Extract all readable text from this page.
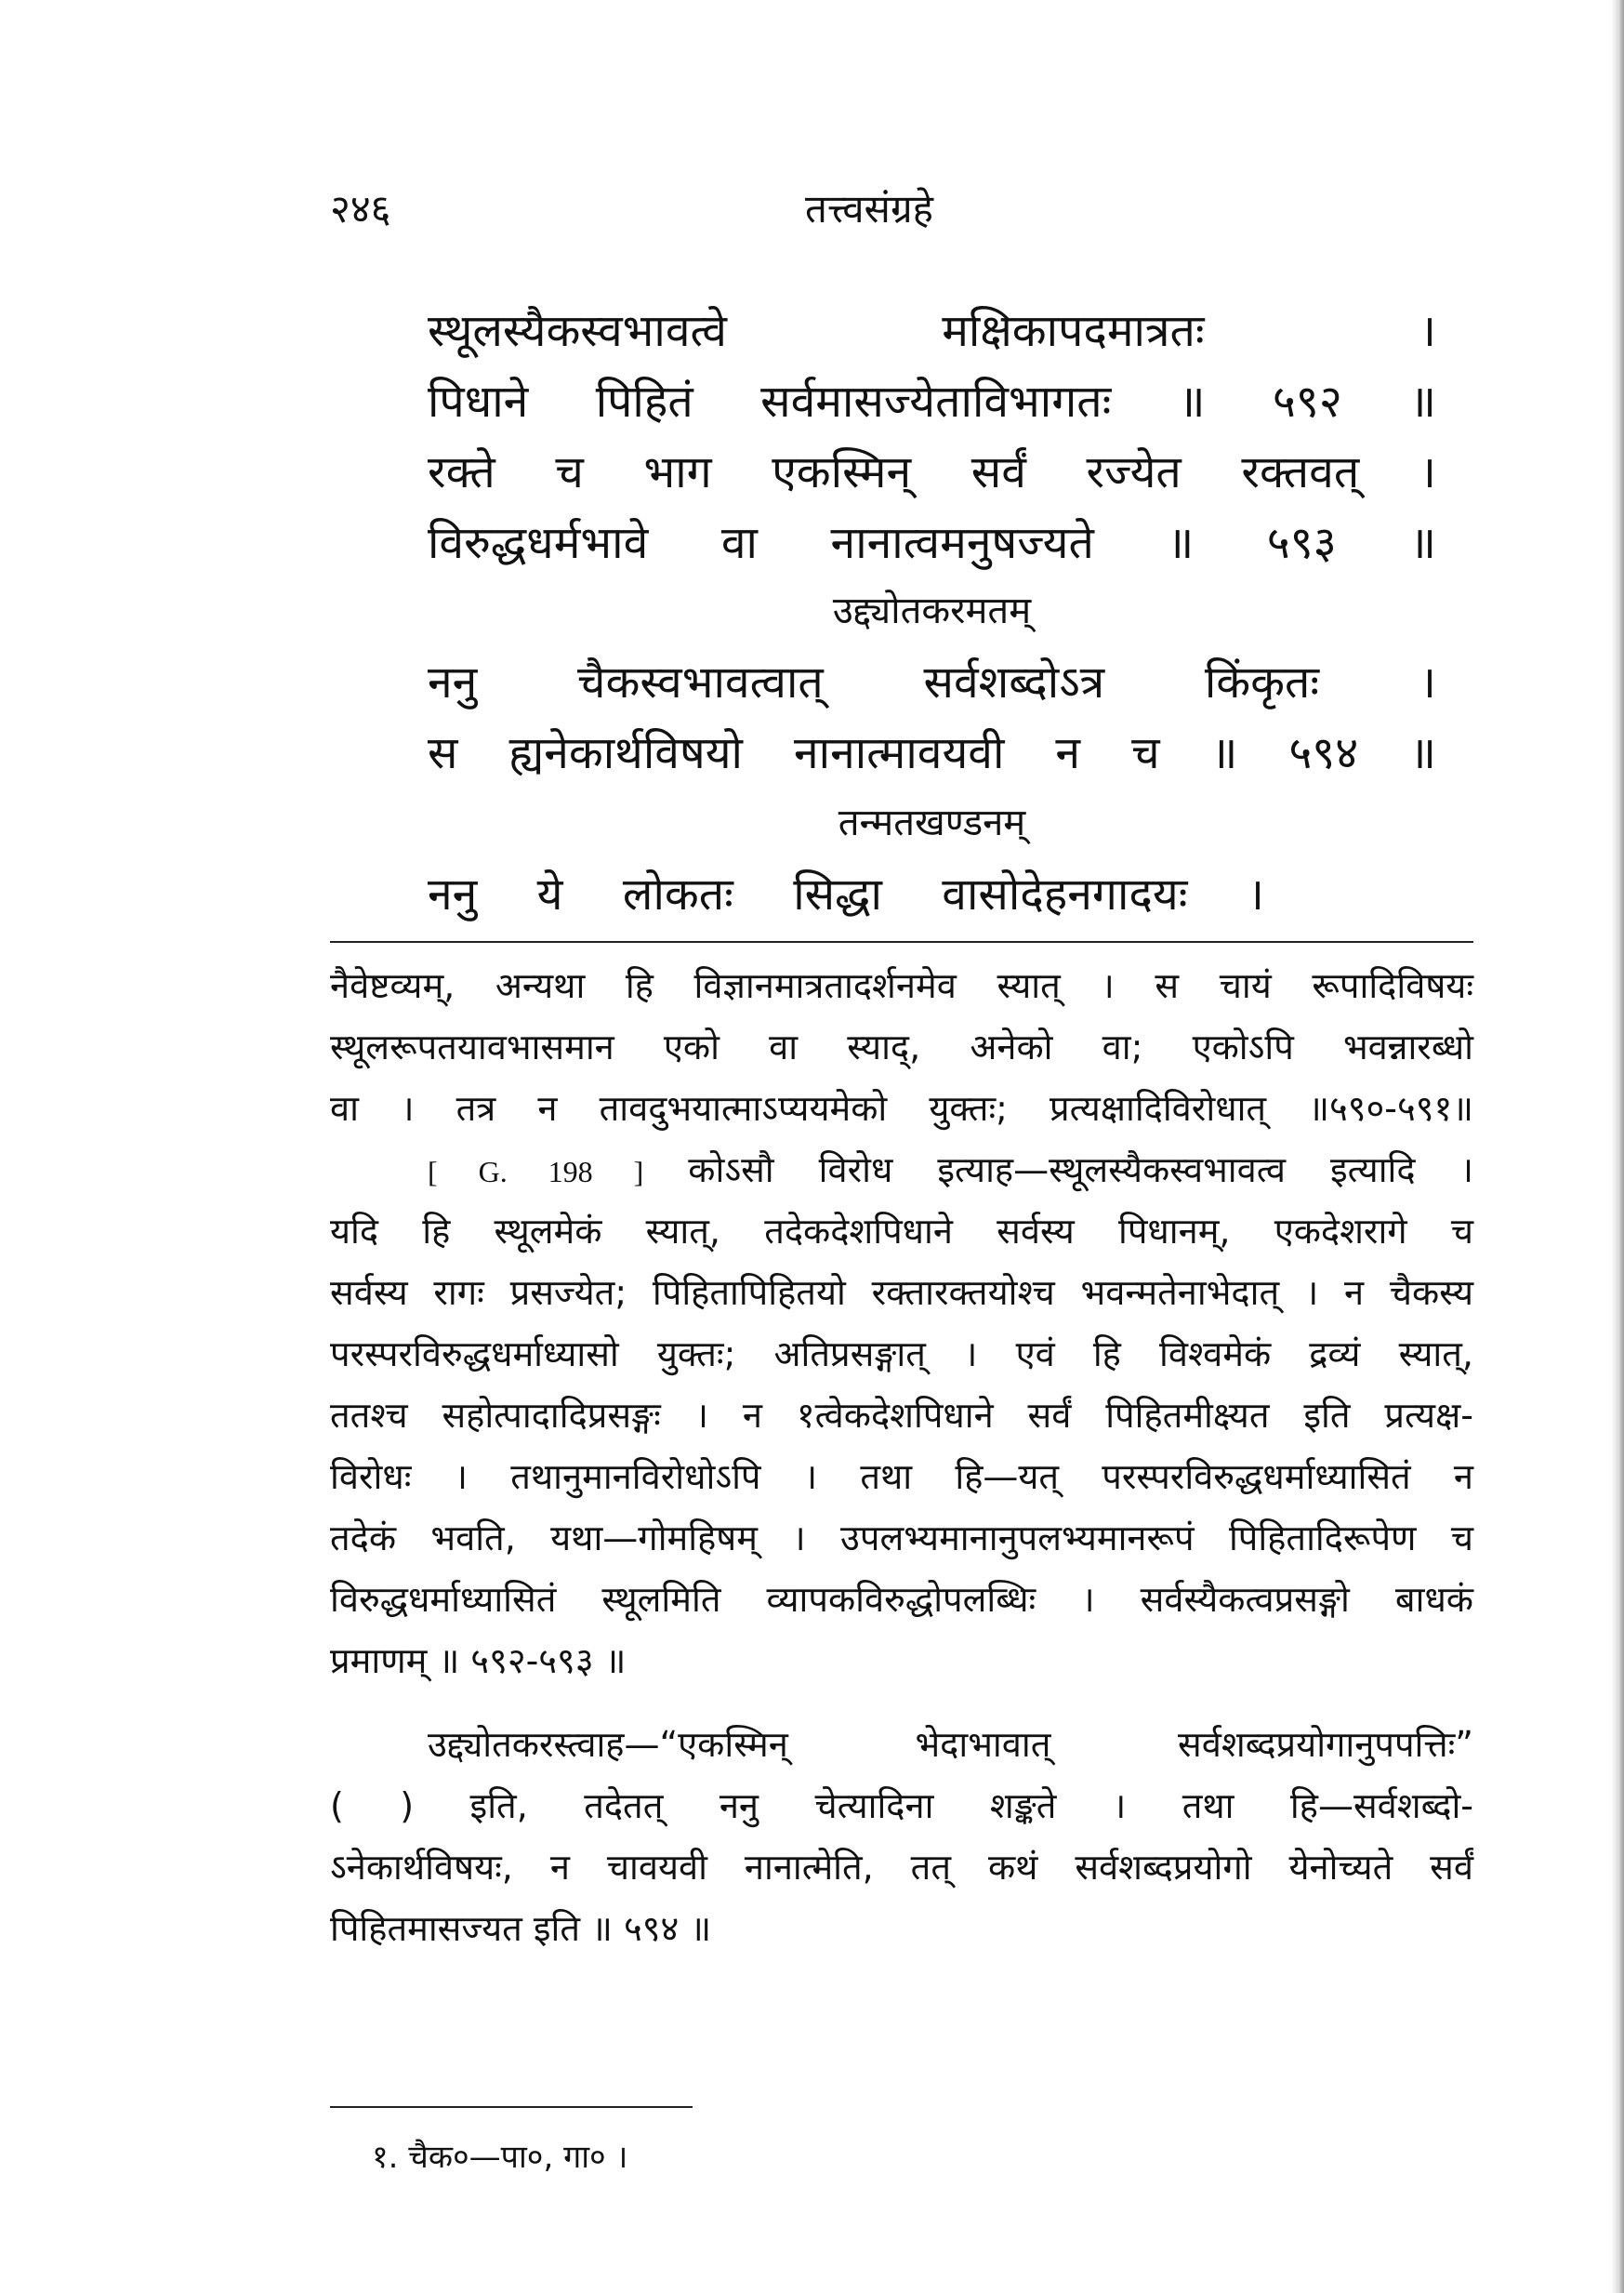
तत्त्वसंग्रहे
२४६
स्थूलस्यैकस्वभावत्वे मक्षिकापदमात्रतः ।
पिधाने पिहितं सर्वमासज्येताविभागतः ॥ ५९२ ॥
रक्ते च भाग एकस्मिन् सर्वं रज्येत रक्तवत् ।
विरुद्धधर्मभावे वा नानात्वमनुषज्यते ॥ ५९३ ॥
उद्द्योतकरमतम्
ननु चैकस्वभावत्वात् सर्वशब्दोऽत्र किंकृतः ।
स ह्यनेकार्थविषयो नानात्मावयवी न च ॥ ५९४ ॥
तन्मतखण्डनम्
ननु ये लोकतः सिद्धा वासोदेहनगादयः ।
नैवेष्टव्यम्, अन्यथा हि विज्ञानमात्रतादर्शनमेव स्यात् । स चायं रूपादिविषयः
स्थूलरूपतयावभासमान एको वा स्याद्, अनेको वा; एकोऽपि भवन्नारब्धो
वा । तत्र न तावदुभयात्माऽप्ययमेको युक्तः; प्रत्यक्षादिविरोधात् ॥५९०-५९१॥
[ G. 198 ] कोऽसौ विरोध इत्याह—स्थूलस्यैकस्वभावत्व इत्यादि ।
यदि हि स्थूलमेकं स्यात्, तदेकदेशपिधाने सर्वस्य पिधानम्, एकदेशरागे च
सर्वस्य रागः प्रसज्येत; पिहितापिहितयो रक्तारक्तयोश्च भवन्मतेनाभेदात् । न चैकस्य
परस्परविरुद्धधर्माध्यासो युक्तः; अतिप्रसङ्गात् । एवं हि विश्वमेकं द्रव्यं स्यात्,
ततश्च सहोत्पादादिप्रसङ्गः । न १त्वेकदेशपिधाने सर्वं पिहितमीक्ष्यत इति प्रत्यक्ष-
विरोधः । तथानुमानविरोधोऽपि । तथा हि—यत् परस्परविरुद्धधर्माध्यासितं न
तदेकं भवति, यथा—गोमहिषम् । उपलभ्यमानानुपलभ्यमानरूपं पिहितादिरूपेण च
विरुद्धधर्माध्यासितं स्थूलमिति व्यापकविरुद्धोपलब्धिः । सर्वस्यैकत्वप्रसङ्गो बाधकं
प्रमाणम् ॥ ५९२-५९३ ॥
उद्द्योतकरस्त्वाह—“एकस्मिन् भेदाभावात् सर्वशब्दप्रयोगानुपपत्तिः”
( ) इति, तदेतत् ननु चेत्यादिना शङ्कते । तथा हि—सर्वशब्दो-
ऽनेकार्थविषयः, न चावयवी नानात्मेति, तत् कथं सर्वशब्दप्रयोगो येनोच्यते सर्वं
पिहितमासज्यत इति ॥ ५९४ ॥
१. चैक०—पा०, गा० ।
